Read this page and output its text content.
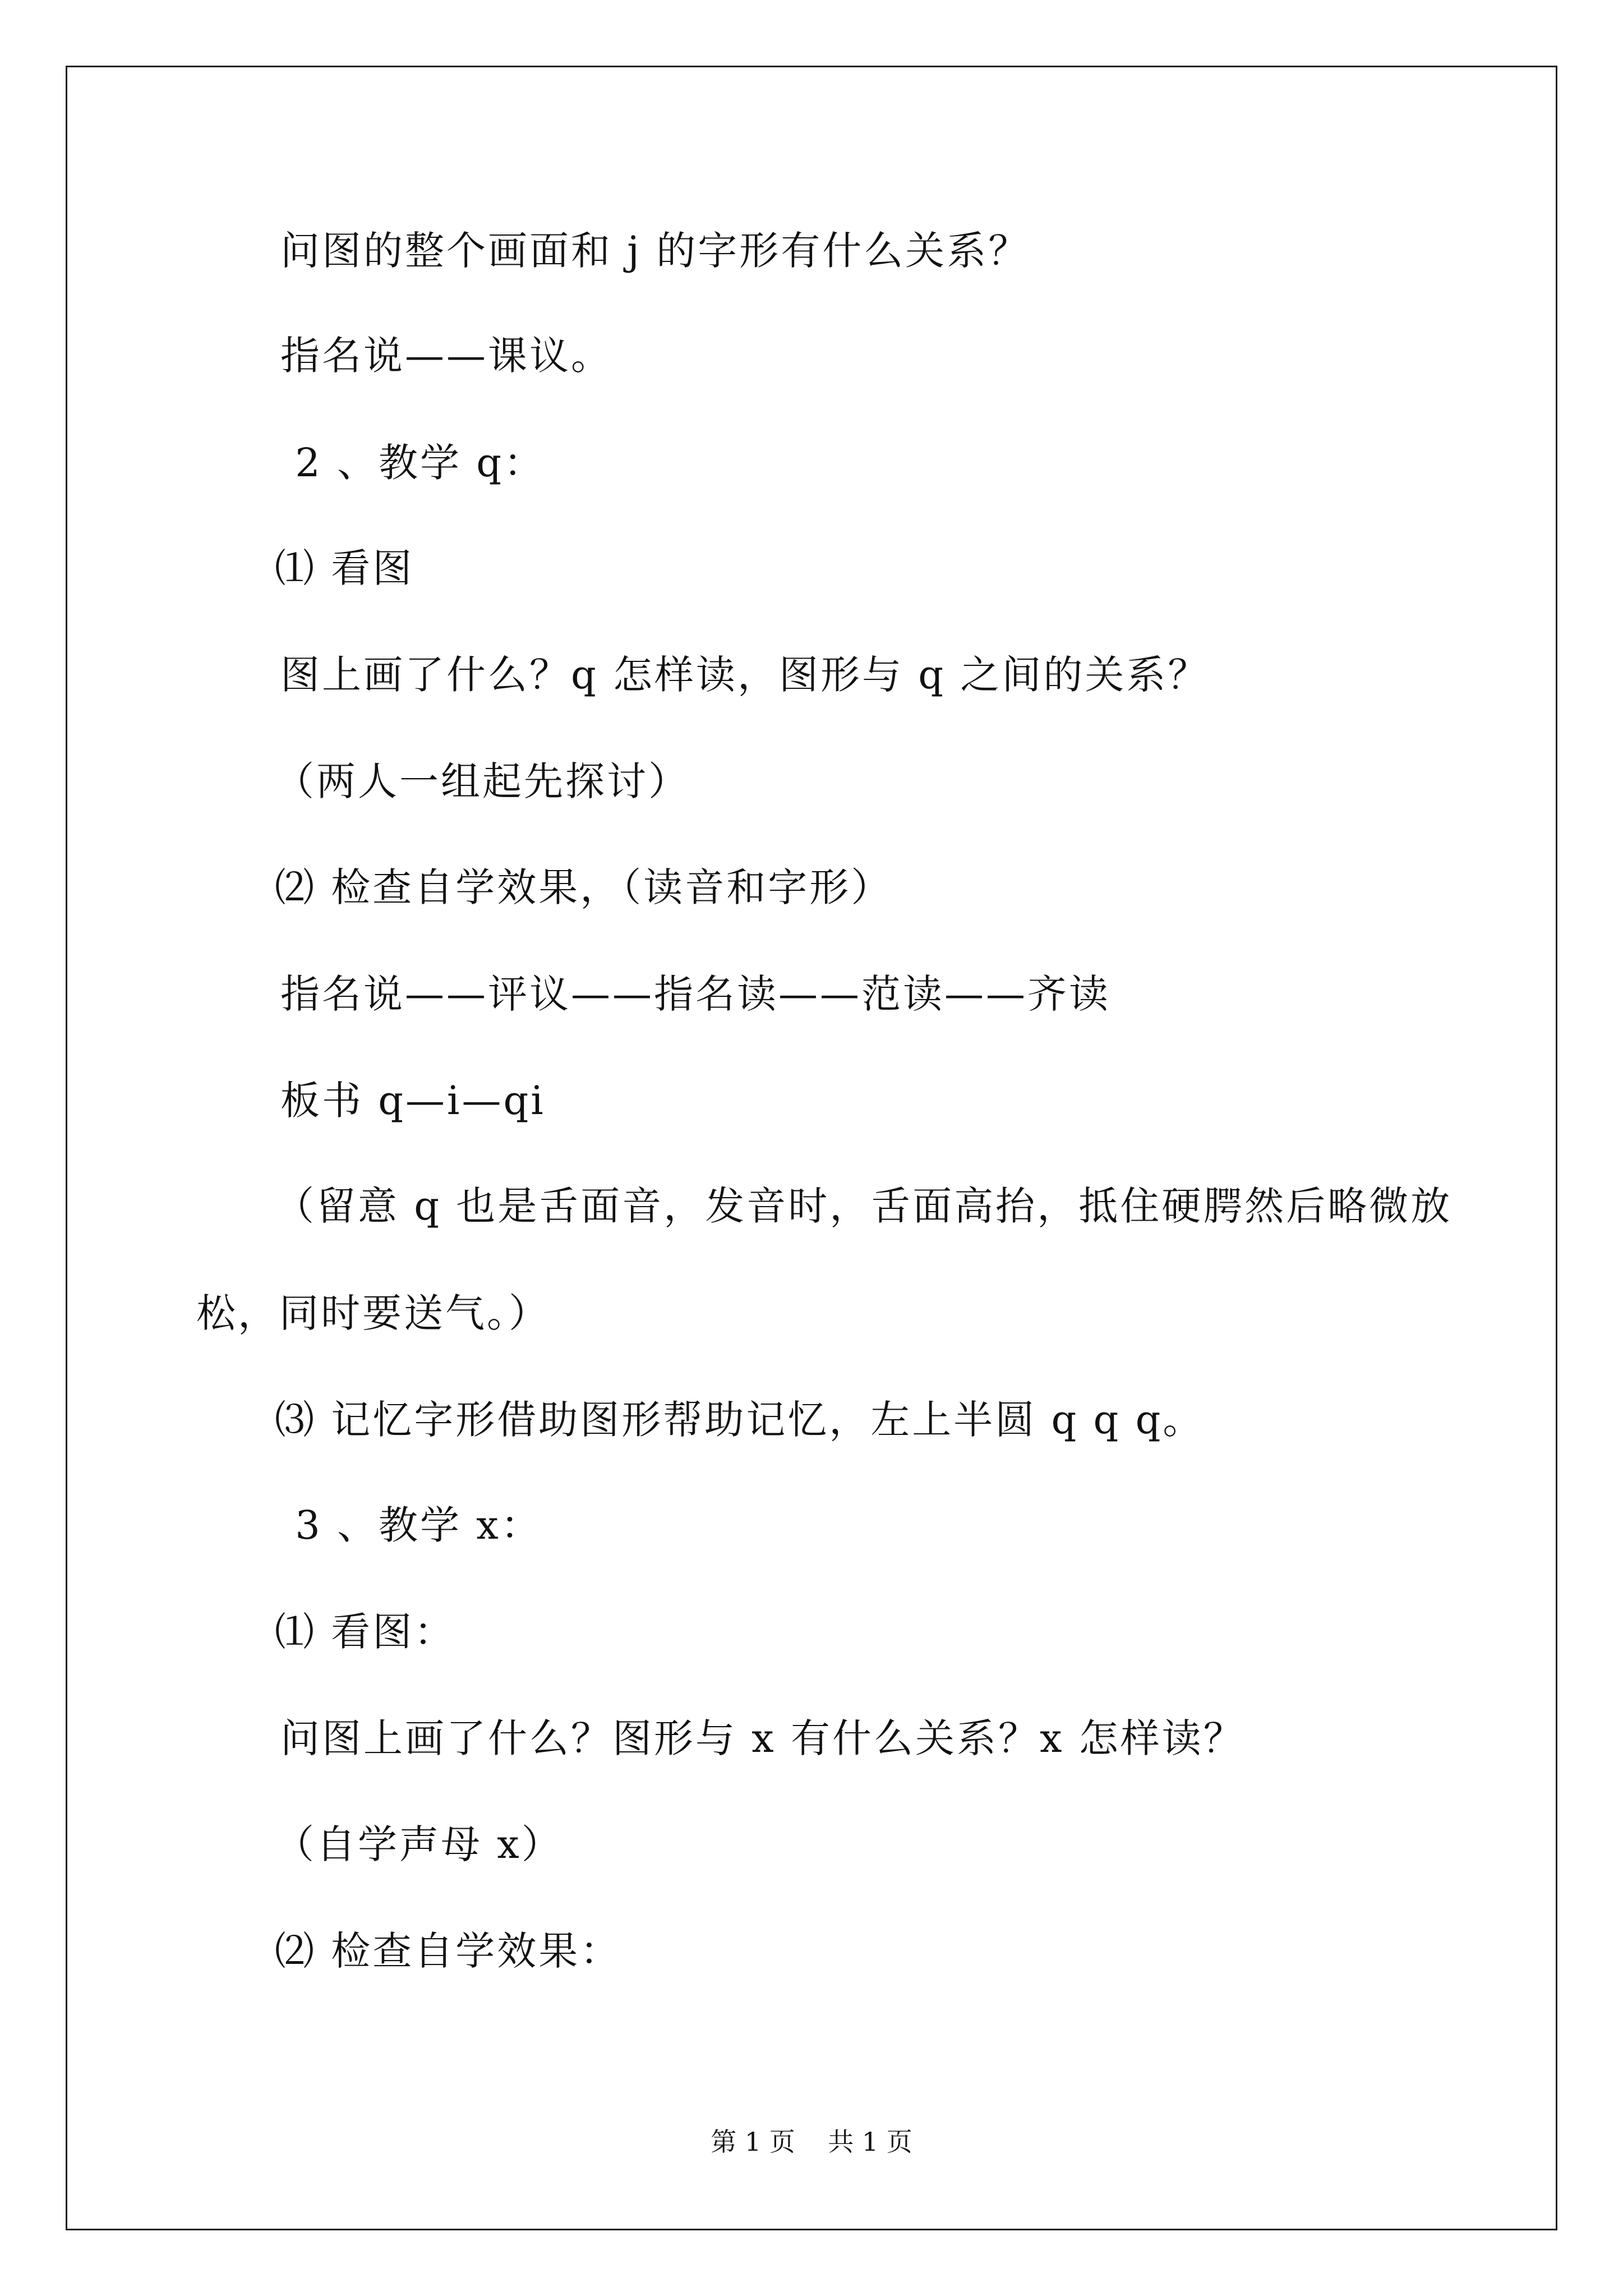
问图的整个画面和 j 的字形有什么关系？
指名说——课议。
2 、教学 q：
⑴ 看图
图上画了什么？q 怎样读，图形与 q 之间的关系？
（两人一组起先探讨）
⑵ 检查自学效果，（读音和字形）
指名说——评议——指名读——范读——齐读
板书 q—i—qi
（留意 q 也是舌面音，发音时，舌面高抬，抵住硬腭然后略微放
松，同时要送气。）
⑶ 记忆字形借助图形帮助记忆，左上半圆 q q q。
3 、教学 x：
⑴ 看图：
问图上画了什么？图形与 x 有什么关系？x 怎样读？
（自学声母 x）
⑵ 检查自学效果：
第 1 页    共 1 页
